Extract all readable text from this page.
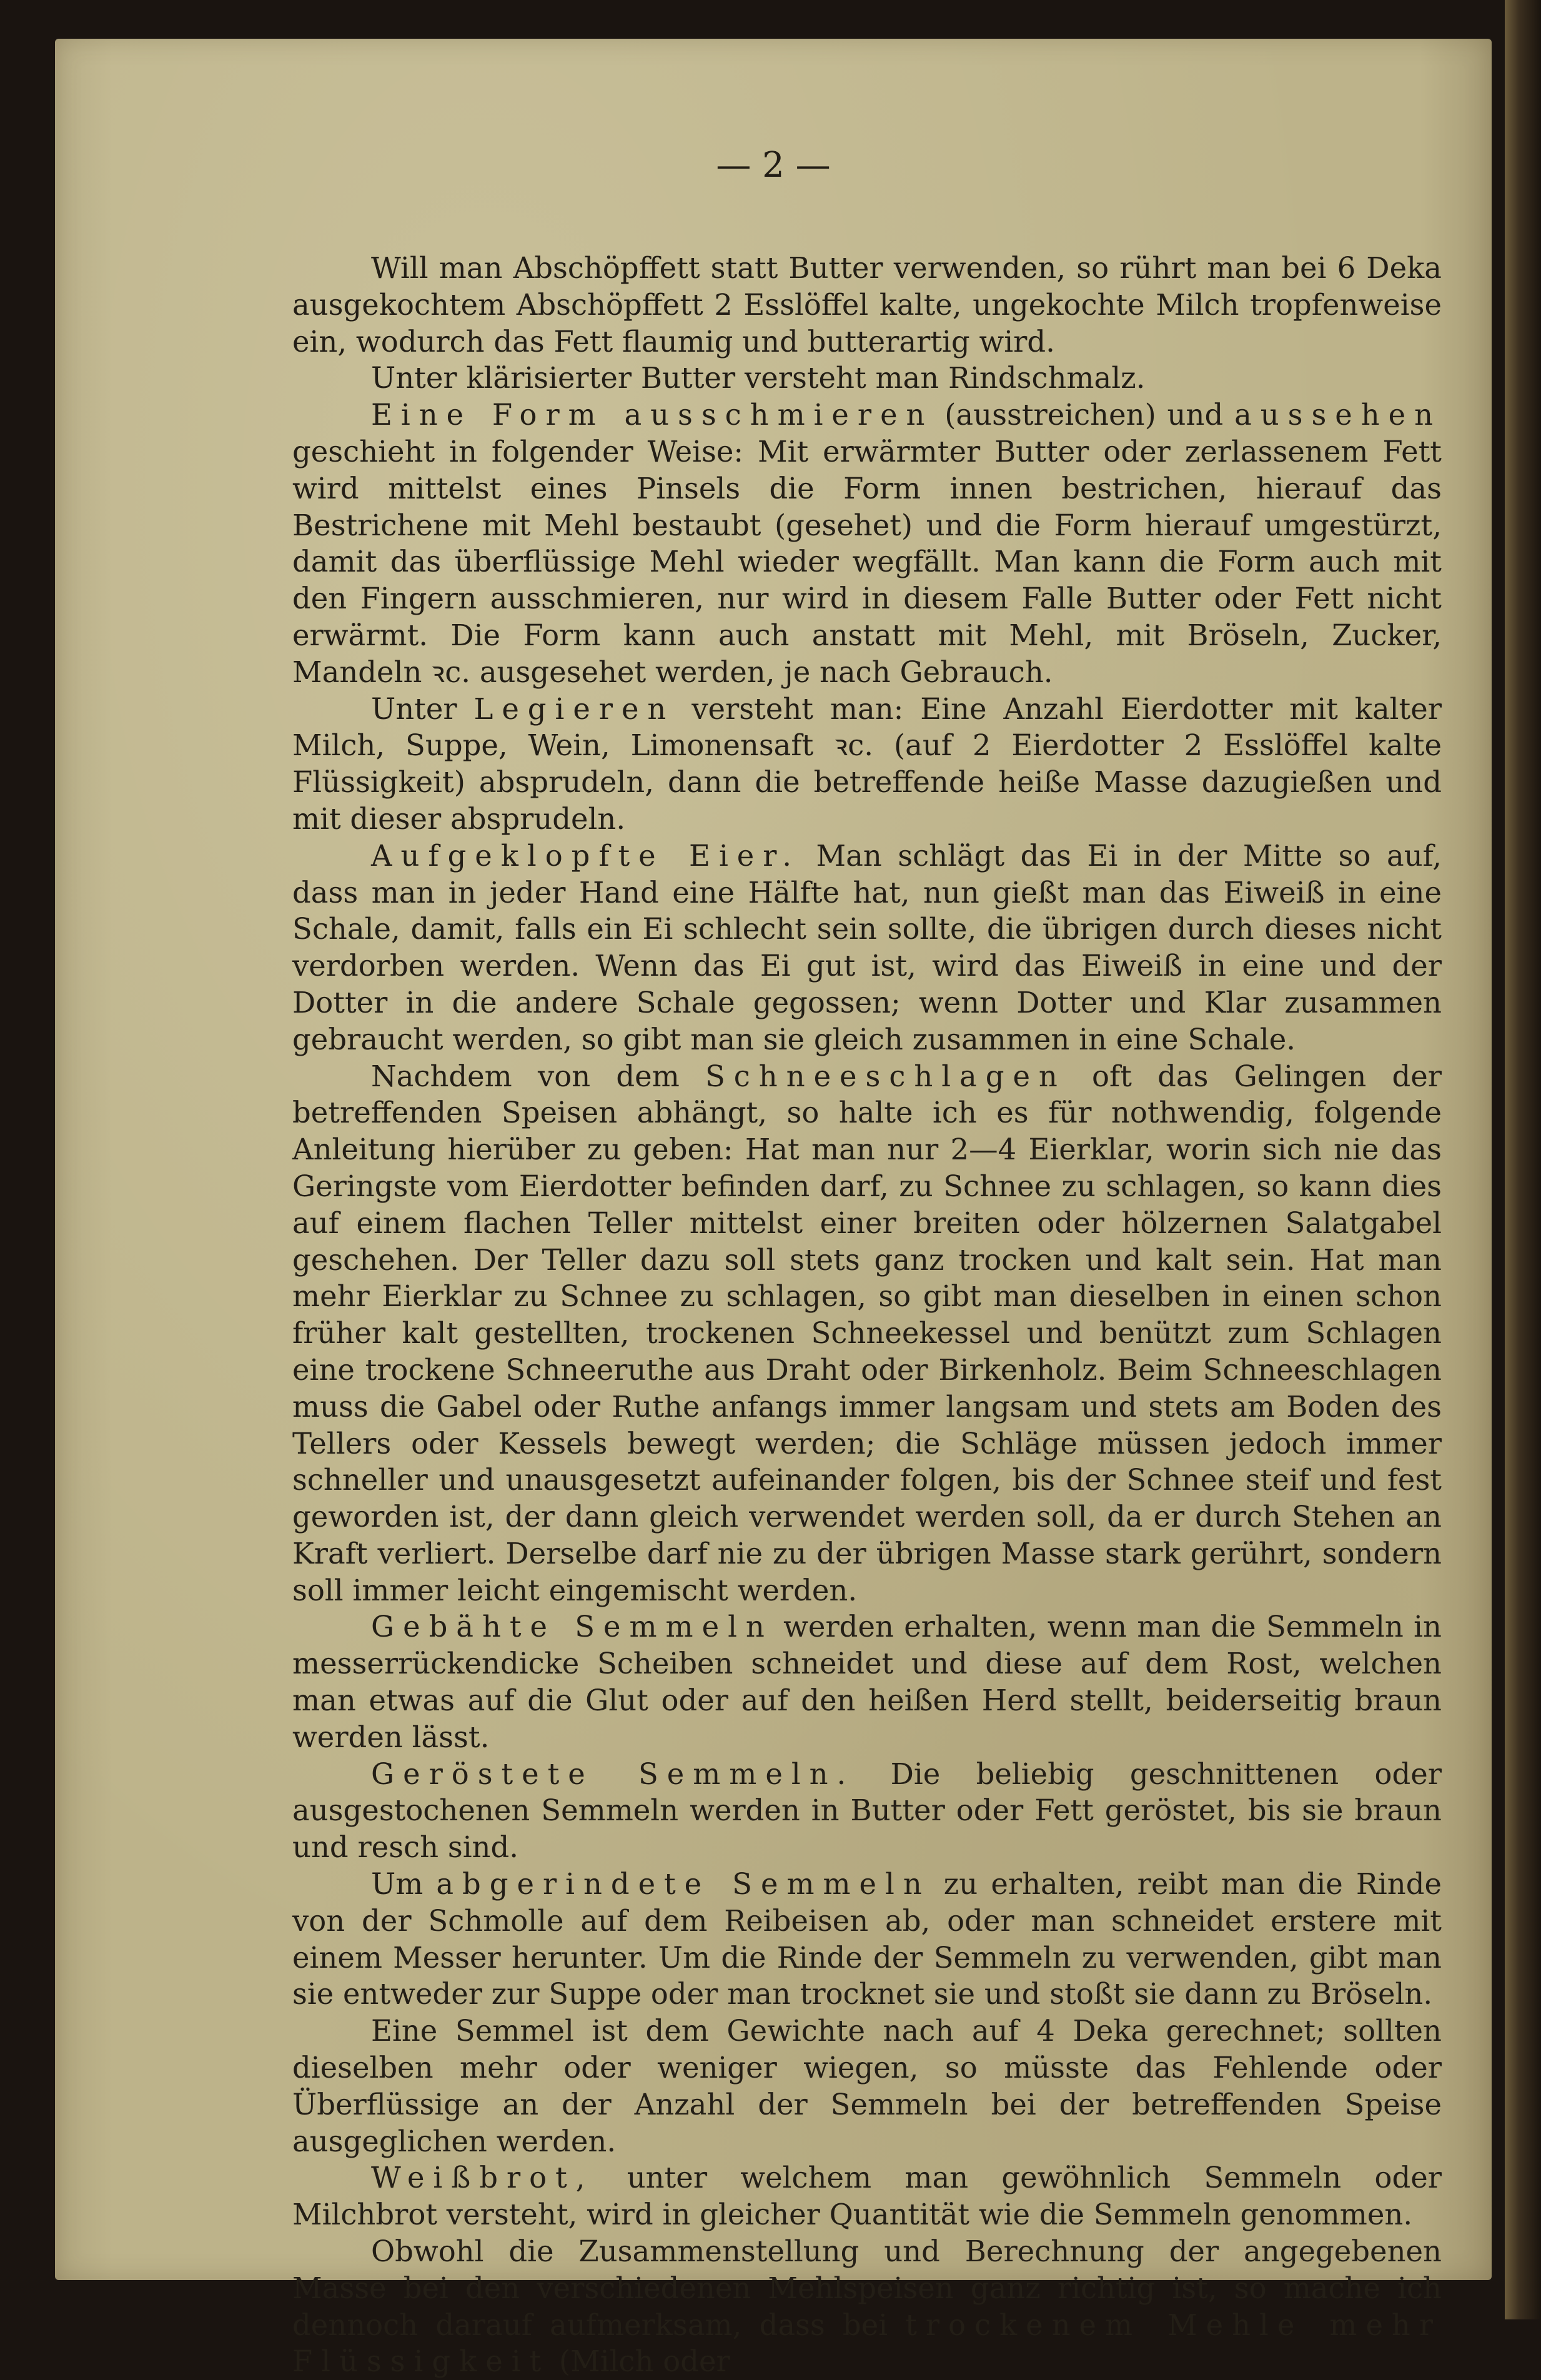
— 2 —

Will man Abschöpffett statt Butter verwenden, so rührt man bei 6 Deka ausgekochtem Abschöpffett 2 Esslöffel kalte, ungekochte Milch tropfenweise ein, wodurch das Fett flaumig und butterartig wird.

Unter klärisierter Butter versteht man Rindschmalz.

Eine Form ausschmieren (ausstreichen) und aussehen geschieht in folgender Weise: Mit erwärmter Butter oder zerlassenem Fett wird mittelst eines Pinsels die Form innen bestrichen, hierauf das Bestrichene mit Mehl bestaubt (gesehet) und die Form hierauf umgestürzt, damit das überflüssige Mehl wieder wegfällt. Man kann die Form auch mit den Fingern ausschmieren, nur wird in diesem Falle Butter oder Fett nicht erwärmt. Die Form kann auch anstatt mit Mehl, mit Bröseln, Zucker, Mandeln ꝛc. ausgesehet werden, je nach Gebrauch.

Unter Legieren versteht man: Eine Anzahl Eierdotter mit kalter Milch, Suppe, Wein, Limonensaft ꝛc. (auf 2 Eierdotter 2 Esslöffel kalte Flüssigkeit) absprudeln, dann die betreffende heiße Masse dazugießen und mit dieser absprudeln.

Aufgeklopfte Eier. Man schlägt das Ei in der Mitte so auf, dass man in jeder Hand eine Hälfte hat, nun gießt man das Eiweiß in eine Schale, damit, falls ein Ei schlecht sein sollte, die übrigen durch dieses nicht verdorben werden. Wenn das Ei gut ist, wird das Eiweiß in eine und der Dotter in die andere Schale gegossen; wenn Dotter und Klar zusammen gebraucht werden, so gibt man sie gleich zusammen in eine Schale.

Nachdem von dem Schneeschlagen oft das Gelingen der betreffenden Speisen abhängt, so halte ich es für nothwendig, folgende Anleitung hierüber zu geben: Hat man nur 2—4 Eierklar, worin sich nie das Geringste vom Eierdotter befinden darf, zu Schnee zu schlagen, so kann dies auf einem flachen Teller mittelst einer breiten oder hölzernen Salatgabel geschehen. Der Teller dazu soll stets ganz trocken und kalt sein. Hat man mehr Eierklar zu Schnee zu schlagen, so gibt man dieselben in einen schon früher kalt gestellten, trockenen Schneekessel und benützt zum Schlagen eine trockene Schneeruthe aus Draht oder Birkenholz. Beim Schneeschlagen muss die Gabel oder Ruthe anfangs immer langsam und stets am Boden des Tellers oder Kessels bewegt werden; die Schläge müssen jedoch immer schneller und unausgesetzt aufeinander folgen, bis der Schnee steif und fest geworden ist, der dann gleich verwendet werden soll, da er durch Stehen an Kraft verliert. Derselbe darf nie zu der übrigen Masse stark gerührt, sondern soll immer leicht eingemischt werden.

Gebähte Semmeln werden erhalten, wenn man die Semmeln in messerrückendicke Scheiben schneidet und diese auf dem Rost, welchen man etwas auf die Glut oder auf den heißen Herd stellt, beiderseitig braun werden lässt.

Geröstete Semmeln. Die beliebig geschnittenen oder ausgestochenen Semmeln werden in Butter oder Fett geröstet, bis sie braun und resch sind.

Um abgerindete Semmeln zu erhalten, reibt man die Rinde von der Schmolle auf dem Reibeisen ab, oder man schneidet erstere mit einem Messer herunter. Um die Rinde der Semmeln zu verwenden, gibt man sie entweder zur Suppe oder man trocknet sie und stoßt sie dann zu Bröseln.

Eine Semmel ist dem Gewichte nach auf 4 Deka gerechnet; sollten dieselben mehr oder weniger wiegen, so müsste das Fehlende oder Überflüssige an der Anzahl der Semmeln bei der betreffenden Speise ausgeglichen werden.

Weißbrot, unter welchem man gewöhnlich Semmeln oder Milchbrot versteht, wird in gleicher Quantität wie die Semmeln genommen.

Obwohl die Zusammenstellung und Berechnung der angegebenen Masse bei den verschiedenen Mehlspeisen ganz richtig ist, so mache ich dennoch darauf aufmerksam, dass bei trockenem Mehle mehr Flüssigkeit (Milch oder
